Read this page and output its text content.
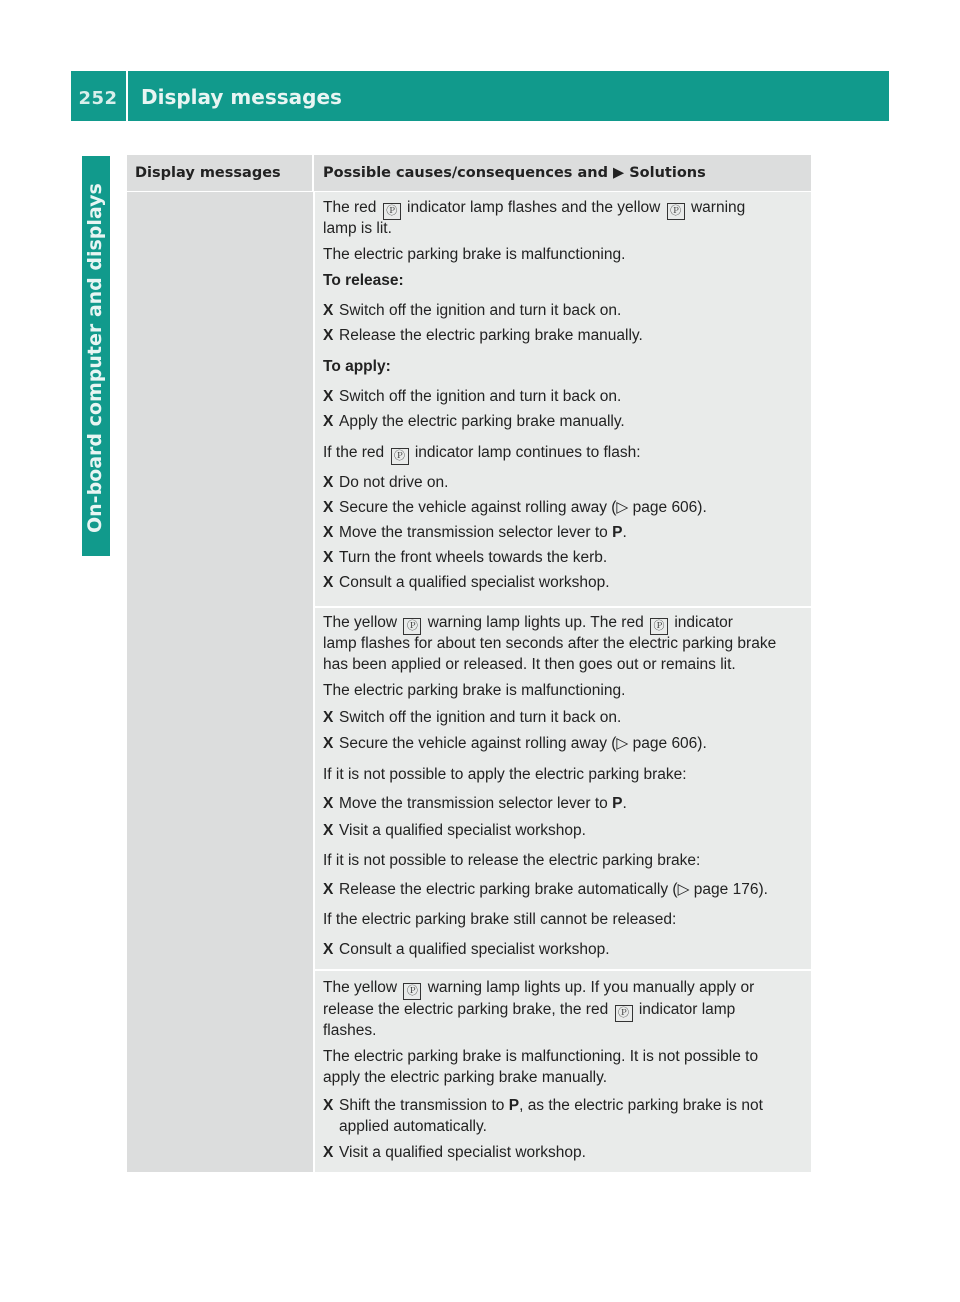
252	Display messages
On-board computer and displays
Display messages	Possible causes/consequences and
▶
Solutions
The red Ⓟ indicator lamp flashes and the yellow Ⓟ warning
lamp is lit.
The electric parking brake is malfunctioning.
To release:
X Switch off the ignition and turn it back on.
X Release the electric parking brake manually.
To apply:
X Switch off the ignition and turn it back on.
X Apply the electric parking brake manually.
If the red Ⓟ indicator lamp continues to flash:
X Do not drive on.
X Secure the vehicle against rolling away (▷ page 606).
X Move the transmission selector lever to P.
X Turn the front wheels towards the kerb.
X Consult a qualified specialist workshop.
The yellow Ⓟ warning lamp lights up. The red Ⓟ indicator
lamp flashes for about ten seconds after the electric parking brake
has been applied or released. It then goes out or remains lit.
The electric parking brake is malfunctioning.
X Switch off the ignition and turn it back on.
X Secure the vehicle against rolling away (▷ page 606).
If it is not possible to apply the electric parking brake:
X Move the transmission selector lever to P.
X Visit a qualified specialist workshop.
If it is not possible to release the electric parking brake:
X Release the electric parking brake automatically (▷ page 176).
If the electric parking brake still cannot be released:
X Consult a qualified specialist workshop.
The yellow Ⓟ warning lamp lights up. If you manually apply or
release the electric parking brake, the red Ⓟ indicator lamp
flashes.
The electric parking brake is malfunctioning. It is not possible to
apply the electric parking brake manually.
X Shift the transmission to P, as the electric parking brake is not
applied automatically.
X Visit a qualified specialist workshop.
